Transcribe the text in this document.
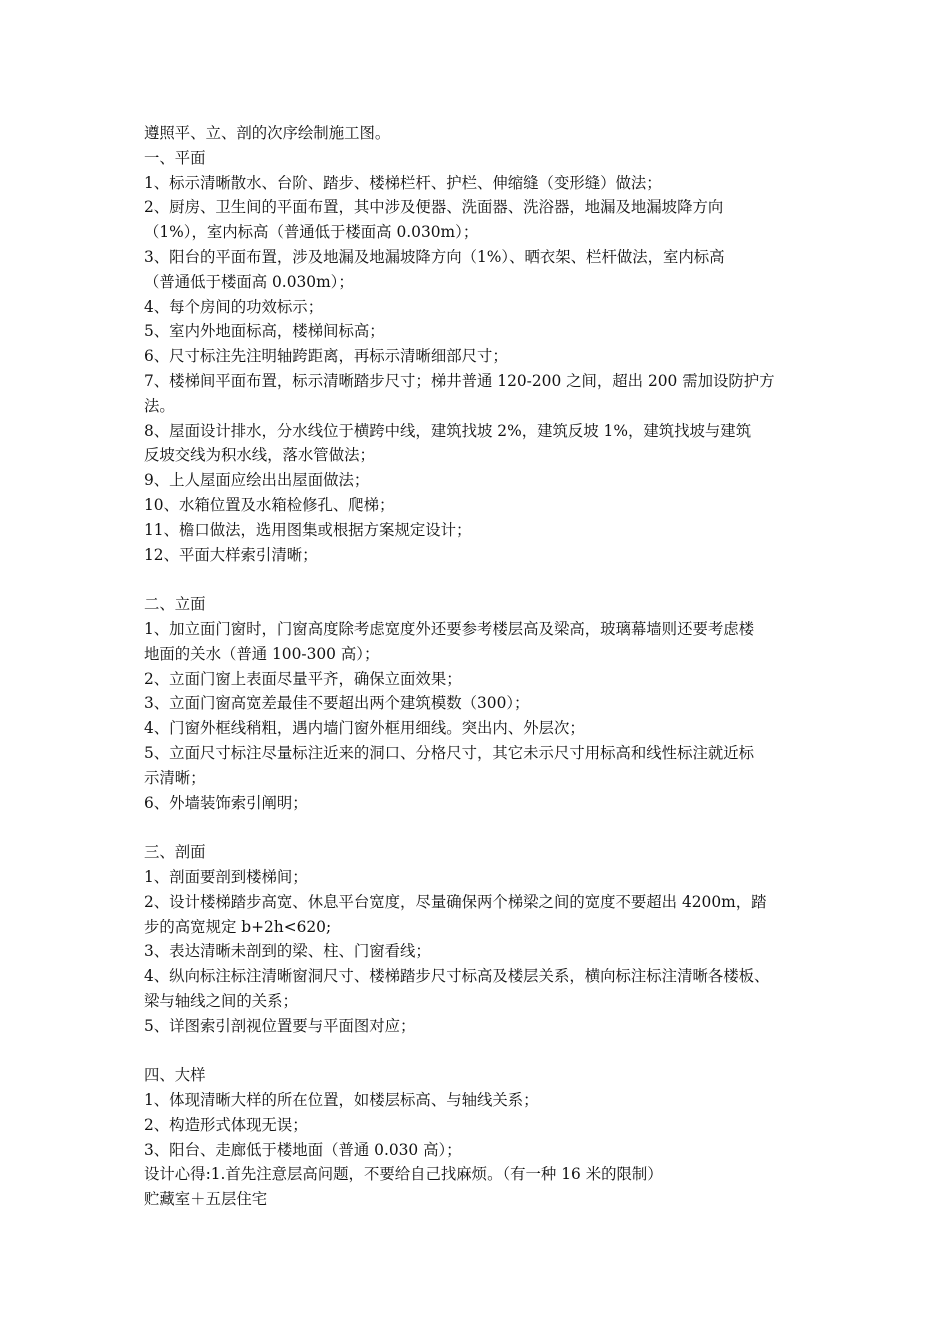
遵照平、立、剖的次序绘制施工图。
一、平面
1、标示清晰散水、台阶、踏步、楼梯栏杆、护栏、伸缩缝（变形缝）做法；
2、厨房、卫生间的平面布置，其中涉及便器、洗面器、洗浴器，地漏及地漏坡降方向
（1%），室内标高（普通低于楼面高 0.030m）；
3、阳台的平面布置，涉及地漏及地漏坡降方向（1%）、晒衣架、栏杆做法，室内标高
（普通低于楼面高 0.030m）；
4、每个房间的功效标示；
5、室内外地面标高，楼梯间标高；
6、尺寸标注先注明轴跨距离，再标示清晰细部尺寸；
7、楼梯间平面布置，标示清晰踏步尺寸；梯井普通 120-200 之间，超出 200 需加设防护方
法。
8、屋面设计排水，分水线位于横跨中线，建筑找坡 2%，建筑反坡 1%，建筑找坡与建筑
反坡交线为积水线，落水管做法；
9、上人屋面应绘出出屋面做法；
10、水箱位置及水箱检修孔、爬梯；
11、檐口做法，选用图集或根据方案规定设计；
12、平面大样索引清晰；
二、立面
1、加立面门窗时，门窗高度除考虑宽度外还要参考楼层高及梁高，玻璃幕墙则还要考虑楼
地面的关水（普通 100-300 高）；
2、立面门窗上表面尽量平齐，确保立面效果；
3、立面门窗高宽差最佳不要超出两个建筑模数（300）；
4、门窗外框线稍粗，遇内墙门窗外框用细线。突出内、外层次；
5、立面尺寸标注尽量标注近来的洞口、分格尺寸，其它未示尺寸用标高和线性标注就近标
示清晰；
6、外墙装饰索引阐明；
三、剖面
1、剖面要剖到楼梯间；
2、设计楼梯踏步高宽、休息平台宽度，尽量确保两个梯梁之间的宽度不要超出 4200m，踏
步的高宽规定 b+2h<620;
3、表达清晰未剖到的梁、柱、门窗看线；
4、纵向标注标注清晰窗洞尺寸、楼梯踏步尺寸标高及楼层关系，横向标注标注清晰各楼板、
梁与轴线之间的关系；
5、详图索引剖视位置要与平面图对应；
四、大样
1、体现清晰大样的所在位置，如楼层标高、与轴线关系；
2、构造形式体现无误；
3、阳台、走廊低于楼地面（普通 0.030 高）；
设计心得:1.首先注意层高问题，不要给自己找麻烦。（有一种 16 米的限制）
贮藏室＋五层住宅
